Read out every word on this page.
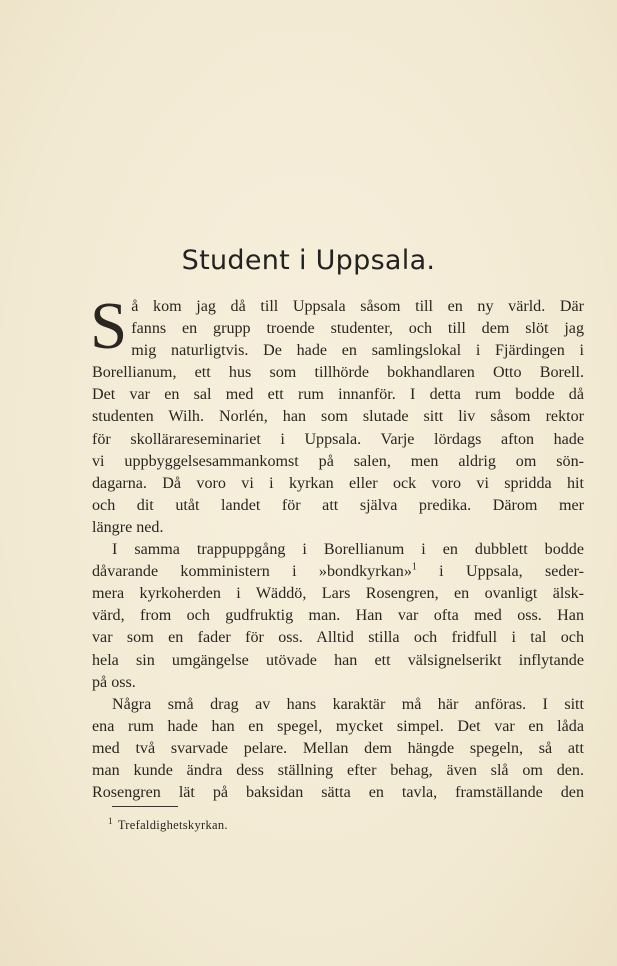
Student i Uppsala.
S å kom jag då till Uppsala såsom till en ny värld. Där
fanns en grupp troende studenter, och till dem slöt jag
mig naturligtvis. De hade en samlingslokal i Fjärdingen i
Borellianum, ett hus som tillhörde bokhandlaren Otto Borell.
Det var en sal med ett rum innanför. I detta rum bodde då
studenten Wilh. Norlén, han som slutade sitt liv såsom rektor
för skollärareseminariet i Uppsala. Varje lördags afton hade
vi uppbyggelsesammankomst på salen, men aldrig om sön-
dagarna. Då voro vi i kyrkan eller ock voro vi spridda hit
och dit utåt landet för att själva predika. Därom mer
längre ned.
I samma trappuppgång i Borellianum i en dubblett bodde
dåvarande komministern i »bondkyrkan»$^1$ i Uppsala, seder-
mera kyrkoherden i Wäddö, Lars Rosengren, en ovanligt älsk-
värd, from och gudfruktig man. Han var ofta med oss. Han
var som en fader för oss. Alltid stilla och fridfull i tal och
hela sin umgängelse utövade han ett välsignelserikt inflytande
på oss.
Några små drag av hans karaktär må här anföras. I sitt
ena rum hade han en spegel, mycket simpel. Det var en låda
med två svarvade pelare. Mellan dem hängde spegeln, så att
man kunde ändra dess ställning efter behag, även slå om den.
Rosengren lät på baksidan sätta en tavla, framställande den
$^1$ Trefaldighetskyrkan.
